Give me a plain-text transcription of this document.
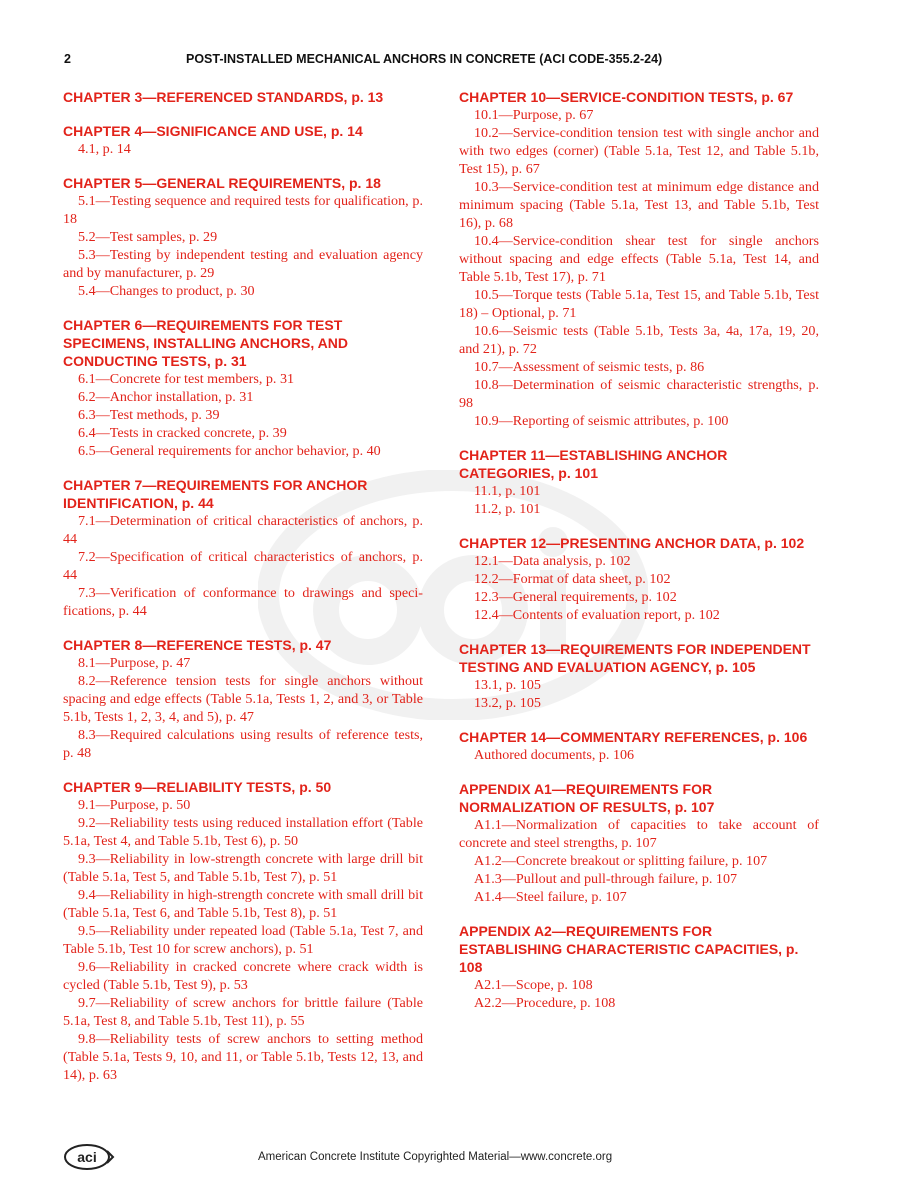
2	POST-INSTALLED MECHANICAL ANCHORS IN CONCRETE (ACI CODE-355.2-24)
CHAPTER 3—REFERENCED STANDARDS, p. 13
CHAPTER 4—SIGNIFICANCE AND USE, p. 14
4.1, p. 14
CHAPTER 5—GENERAL REQUIREMENTS, p. 18
5.1—Testing sequence and required tests for qualification, p. 18
5.2—Test samples, p. 29
5.3—Testing by independent testing and evaluation agency and by manufacturer, p. 29
5.4—Changes to product, p. 30
CHAPTER 6—REQUIREMENTS FOR TEST SPECIMENS, INSTALLING ANCHORS, AND CONDUCTING TESTS, p. 31
6.1—Concrete for test members, p. 31
6.2—Anchor installation, p. 31
6.3—Test methods, p. 39
6.4—Tests in cracked concrete, p. 39
6.5—General requirements for anchor behavior, p. 40
CHAPTER 7—REQUIREMENTS FOR ANCHOR IDENTIFICATION, p. 44
7.1—Determination of critical characteristics of anchors, p. 44
7.2—Specification of critical characteristics of anchors, p. 44
7.3—Verification of conformance to drawings and specifications, p. 44
CHAPTER 8—REFERENCE TESTS, p. 47
8.1—Purpose, p. 47
8.2—Reference tension tests for single anchors without spacing and edge effects (Table 5.1a, Tests 1, 2, and 3, or Table 5.1b, Tests 1, 2, 3, 4, and 5), p. 47
8.3—Required calculations using results of reference tests, p. 48
CHAPTER 9—RELIABILITY TESTS, p. 50
9.1—Purpose, p. 50
9.2—Reliability tests using reduced installation effort (Table 5.1a, Test 4, and Table 5.1b, Test 6), p. 50
9.3—Reliability in low-strength concrete with large drill bit (Table 5.1a, Test 5, and Table 5.1b, Test 7), p. 51
9.4—Reliability in high-strength concrete with small drill bit (Table 5.1a, Test 6, and Table 5.1b, Test 8), p. 51
9.5—Reliability under repeated load (Table 5.1a, Test 7, and Table 5.1b, Test 10 for screw anchors), p. 51
9.6—Reliability in cracked concrete where crack width is cycled (Table 5.1b, Test 9), p. 53
9.7—Reliability of screw anchors for brittle failure (Table 5.1a, Test 8, and Table 5.1b, Test 11), p. 55
9.8—Reliability tests of screw anchors to setting method (Table 5.1a, Tests 9, 10, and 11, or Table 5.1b, Tests 12, 13, and 14), p. 63
CHAPTER 10—SERVICE-CONDITION TESTS, p. 67
10.1—Purpose, p. 67
10.2—Service-condition tension test with single anchor and with two edges (corner) (Table 5.1a, Test 12, and Table 5.1b, Test 15), p. 67
10.3—Service-condition test at minimum edge distance and minimum spacing (Table 5.1a, Test 13, and Table 5.1b, Test 16), p. 68
10.4—Service-condition shear test for single anchors without spacing and edge effects (Table 5.1a, Test 14, and Table 5.1b, Test 17), p. 71
10.5—Torque tests (Table 5.1a, Test 15, and Table 5.1b, Test 18) – Optional, p. 71
10.6—Seismic tests (Table 5.1b, Tests 3a, 4a, 17a, 19, 20, and 21), p. 72
10.7—Assessment of seismic tests, p. 86
10.8—Determination of seismic characteristic strengths, p. 98
10.9—Reporting of seismic attributes, p. 100
CHAPTER 11—ESTABLISHING ANCHOR CATEGORIES, p. 101
11.1, p. 101
11.2, p. 101
CHAPTER 12—PRESENTING ANCHOR DATA, p. 102
12.1—Data analysis, p. 102
12.2—Format of data sheet, p. 102
12.3—General requirements, p. 102
12.4—Contents of evaluation report, p. 102
CHAPTER 13—REQUIREMENTS FOR INDEPENDENT TESTING AND EVALUATION AGENCY, p. 105
13.1, p. 105
13.2, p. 105
CHAPTER 14—COMMENTARY REFERENCES, p. 106
Authored documents, p. 106
APPENDIX A1—REQUIREMENTS FOR NORMALIZATION OF RESULTS, p. 107
A1.1—Normalization of capacities to take account of concrete and steel strengths, p. 107
A1.2—Concrete breakout or splitting failure, p. 107
A1.3—Pullout and pull-through failure, p. 107
A1.4—Steel failure, p. 107
APPENDIX A2—REQUIREMENTS FOR ESTABLISHING CHARACTERISTIC CAPACITIES, p. 108
A2.1—Scope, p. 108
A2.2—Procedure, p. 108
aci	American Concrete Institute Copyrighted Material—www.concrete.org
